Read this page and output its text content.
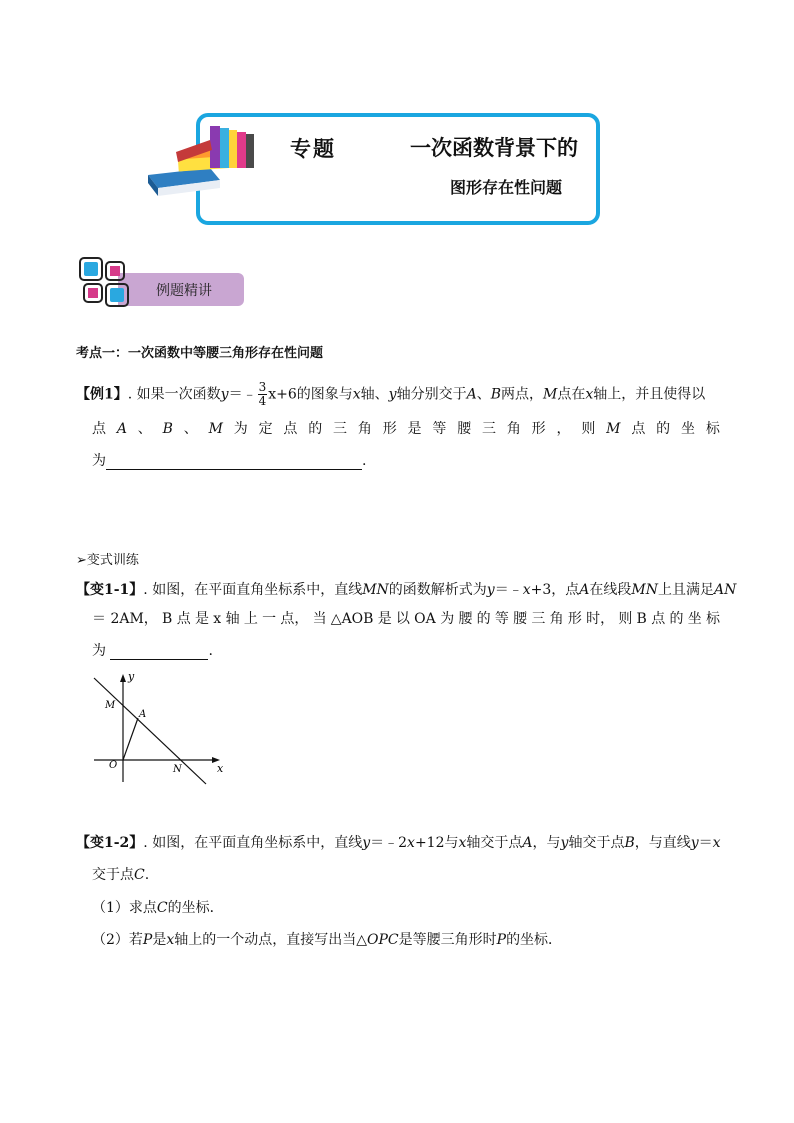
专题	一次函数背景下的
图形存在性问题
例题精讲
考点一：一次函数中等腰三角形存在性问题
【例1】. 如果一次函数y＝﹣ $\frac{3}{4} x+6$的图象与x轴、y轴分别交于A、B两点，M点在x轴上，并且使得以
点 A 、 B 、 M 为 定 点 的 三 角 形 是 等 腰 三 角 形 ， 则 M 点 的 坐 标
为	.
➢变式训练
【变1-1】. 如图，在平面直角坐标系中，直线MN的函数解析式为y＝﹣x+3，点A在线段MN上且满足AN
＝ 2AM， B 点 是 x 轴 上 一 点， 当 △AOB 是 以 OA 为 腰 的 等 腰 三 角 形 时， 则 B 点 的 坐 标
为	.
y
x
M
A
O	N
【变1-2】. 如图，在平面直角坐标系中，直线y＝﹣2x+12与x轴交于点A，与y轴交于点B，与直线y＝x
交于点C.
（1）求点C的坐标．
（2）若P是x轴上的一个动点，直接写出当△OPC是等腰三角形时P的坐标．
